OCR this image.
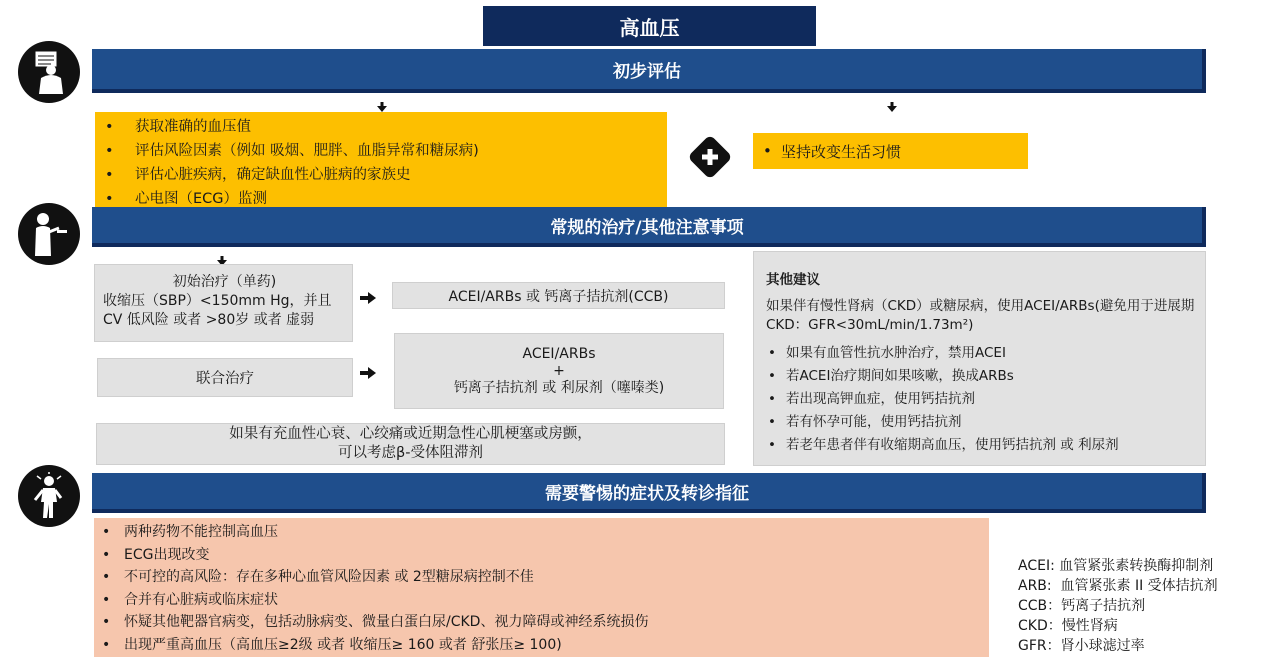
高血压
初步评估
常规的治疗/其他注意事项
需要警惕的症状及转诊指征
•	获取准确的血压值
•	评估风险因素（例如 吸烟、肥胖、血脂异常和糖尿病)
•	评估心脏疾病，确定缺血性心脏病的家族史
•	心电图（ECG）监测
• 坚持改变生活习惯
初始治疗（单药)
收缩压（SBP）<150mm Hg，并且
CV 低风险 或者 >80岁 或者 虚弱
ACEI/ARBs 或 钙离子拮抗剂(CCB)
联合治疗
ACEI/ARBs
+
钙离子拮抗剂 或 利尿剂（噻嗪类)
如果有充血性心衰、心绞痛或近期急性心肌梗塞或房颤，
可以考虑β-受体阻滞剂
其他建议
如果伴有慢性肾病（CKD）或糖尿病，使用ACEI/ARBs(避免用于进展期CKD：GFR<30mL/min/1.73m²)
• 如果有血管性抗水肿治疗，禁用ACEI
• 若ACEI治疗期间如果咳嗽，换成ARBs
• 若出现高钾血症，使用钙拮抗剂
• 若有怀孕可能，使用钙拮抗剂
• 若老年患者伴有收缩期高血压，使用钙拮抗剂 或 利尿剂
• 两种药物不能控制高血压
• ECG出现改变
• 不可控的高风险：存在多种心血管风险因素 或 2型糖尿病控制不佳
• 合并有心脏病或临床症状
• 怀疑其他靶器官病变，包括动脉病变、微量白蛋白尿/CKD、视力障碍或神经系统损伤
• 出现严重高血压（高血压≥2级 或者 收缩压≥ 160 或者 舒张压≥ 100)
ACEI: 血管紧张素转换酶抑制剂
ARB:  血管紧张素 II 受体拮抗剂
CCB：钙离子拮抗剂
CKD：慢性肾病
GFR：肾小球滤过率
